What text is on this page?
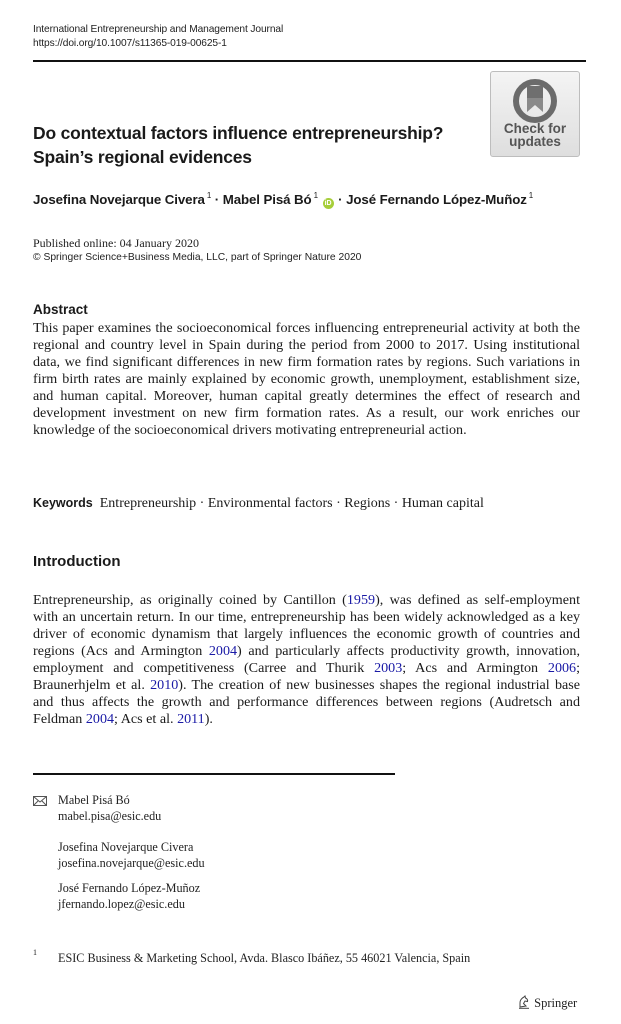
International Entrepreneurship and Management Journal
https://doi.org/10.1007/s11365-019-00625-1
Check for
updates
Do contextual factors influence entrepreneurship?
Spain’s regional evidences
Josefina Novejarque Civera $^1$ · Mabel Pisá Bó $^1$ iD · José Fernando López-Muñoz $^1$
Published online: 04 January 2020
© Springer Science+Business Media, LLC, part of Springer Nature 2020
Abstract
This paper examines the socioeconomical forces influencing entrepreneurial activity at both the regional and country level in Spain during the period from 2000 to 2017. Using institutional data, we find significant differences in new firm formation rates by regions. Such variations in firm birth rates are mainly explained by economic growth, unemployment, establishment size, and human capital. Moreover, human capital greatly determines the effect of research and development investment on new firm formation rates. As a result, our work enriches our knowledge of the socioeconomical drivers motivating entrepreneurial action.
Keywords Entrepreneurship · Environmental factors · Regions · Human capital
Introduction
Entrepreneurship, as originally coined by Cantillon (1959), was defined as self-employment with an uncertain return. In our time, entrepreneurship has been widely acknowledged as a key driver of economic dynamism that largely influences the economic growth of countries and regions (Acs and Armington 2004) and particularly affects productivity growth, innovation, employment and competitiveness (Carree and Thurik 2003; Acs and Armington 2006; Braunerhjelm et al. 2010). The creation of new businesses shapes the regional industrial base and thus affects the growth and performance differences between regions (Audretsch and Feldman 2004; Acs et al. 2011).
Mabel Pisá Bó
mabel.pisa@esic.edu
Josefina Novejarque Civera
josefina.novejarque@esic.edu
José Fernando López-Muñoz
jfernando.lopez@esic.edu
1 ESIC Business & Marketing School, Avda. Blasco Ibáñez, 55 46021 Valencia, Spain
Springer
